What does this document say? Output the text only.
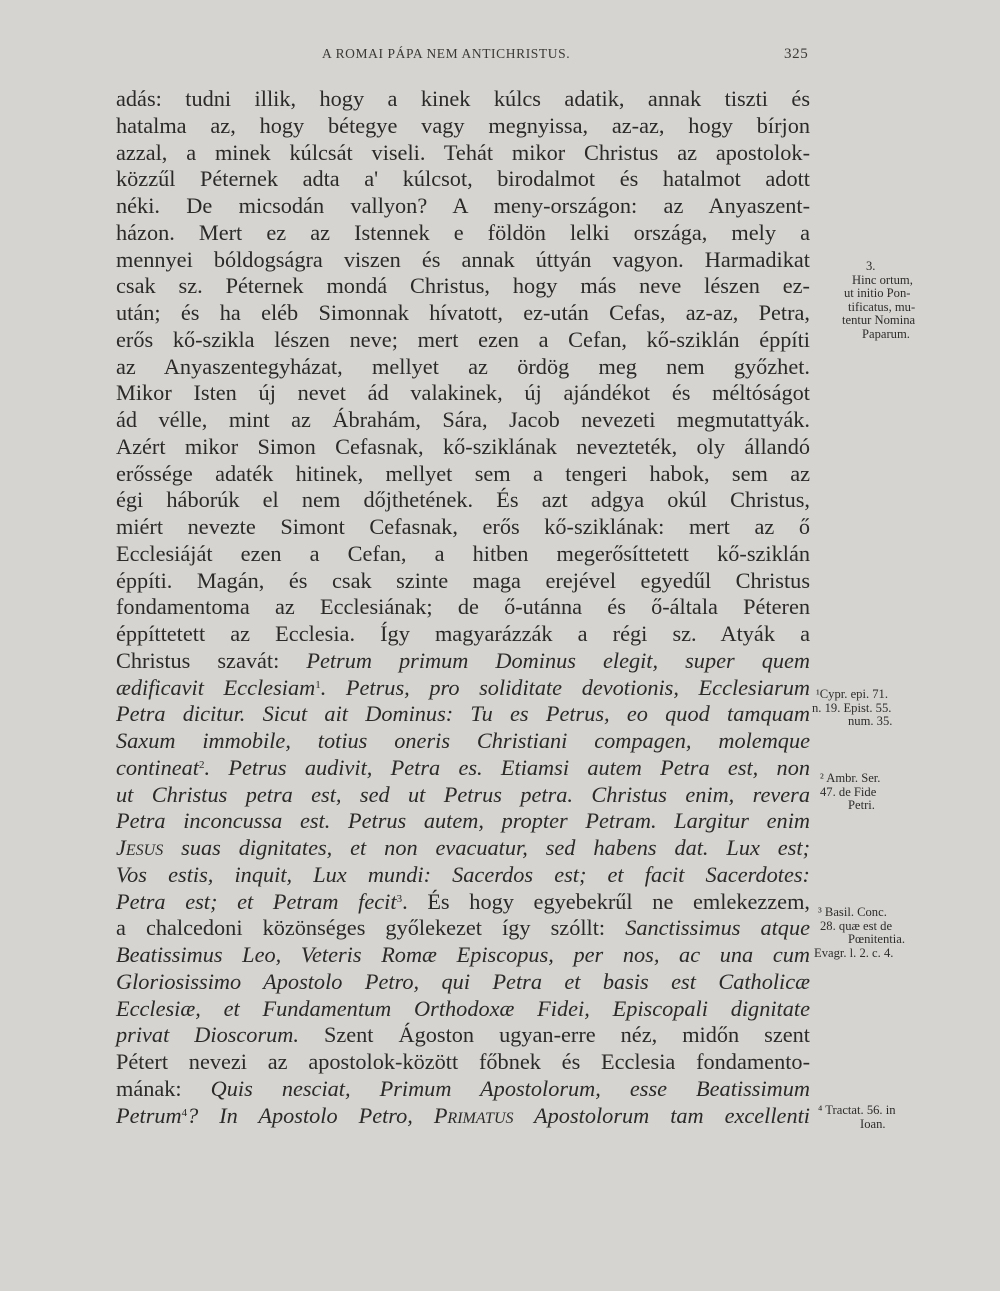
A ROMAI PÁPA NEM ANTICHRISTUS.	325
adás: tudni illik, hogy a kinek kúlcs adatik, annak tiszti és
hatalma az, hogy bétegye vagy megnyissa, az-az, hogy bírjon
azzal, a minek kúlcsát viseli. Tehát mikor Christus az apostolok-
közzűl Péternek adta a' kúlcsot, birodalmot és hatalmot adott
néki. De micsodán vallyon? A meny-országon: az Anyaszent-
házon. Mert ez az Istennek e földön lelki országa, mely a
mennyei bóldogságra viszen és annak úttyán vagyon. Harmadikat
csak sz. Péternek mondá Christus, hogy más neve lészen ez-
után; és ha eléb Simonnak hívatott, ez-után Cefas, az-az, Petra,
erős kő-szikla lészen neve; mert ezen a Cefan, kő-sziklán éppíti
az Anyaszentegyházat, mellyet az ördög meg nem győzhet.
Mikor Isten új nevet ád valakinek, új ajándékot és méltóságot
ád vélle, mint az Ábrahám, Sára, Jacob nevezeti megmutattyák.
Azért mikor Simon Cefasnak, kő-sziklának nevezteték, oly állandó
erőssége adaték hitinek, mellyet sem a tengeri habok, sem az
égi háborúk el nem dőjthetének. És azt adgya okúl Christus,
miért nevezte Simont Cefasnak, erős kő-sziklának: mert az ő
Ecclesiáját ezen a Cefan, a hitben megerősíttetett kő-sziklán
éppíti. Magán, és csak szinte maga erejével egyedűl Christus
fondamentoma az Ecclesiának; de ő-utánna és ő-általa Péteren
éppíttetett az Ecclesia. Így magyarázzák a régi sz. Atyák a
Christus szavát: Petrum primum Dominus elegit, super quem
ædificavit Ecclesiam$^1$. Petrus, pro soliditate devotionis, Ecclesiarum
Petra dicitur. Sicut ait Dominus: Tu es Petrus, eo quod tamquam
Saxum immobile, totius oneris Christiani compagen, molemque
contineat$^2$. Petrus audivit, Petra es. Etiamsi autem Petra est, non
ut Christus petra est, sed ut Petrus petra. Christus enim, revera
Petra inconcussa est. Petrus autem, propter Petram. Largitur enim
Jesus suas dignitates, et non evacuatur, sed habens dat. Lux est;
Vos estis, inquit, Lux mundi: Sacerdos est; et facit Sacerdotes:
Petra est; et Petram fecit$^3$. És hogy egyebekrűl ne emlekezzem,
a chalcedoni közönséges győlekezet így szóllt: Sanctissimus atque
Beatissimus Leo, Veteris Romæ Episcopus, per nos, ac una cum
Gloriosissimo Apostolo Petro, qui Petra et basis est Catholicæ
Ecclesiæ, et Fundamentum Orthodoxæ Fidei, Episcopali dignitate
privat Dioscorum. Szent Ágoston ugyan-erre néz, midőn szent
Pétert nevezi az apostolok-között főbnek és Ecclesia fondamento-
mának: Quis nesciat, Primum Apostolorum, esse Beatissimum
Petrum$^4$? In Apostolo Petro, Primatus Apostolorum tam excellenti
3.
Hinc ortum,
ut initio Pon-
tificatus, mu-
tentur Nomina
Paparum.
¹Cypr. epi. 71.
n. 19. Epist. 55.
num. 35.
² Ambr. Ser.
47. de Fide
Petri.
³ Basil. Conc.
28. quæ est de
Pœnitentia.
Evagr. l. 2. c. 4.
⁴ Tractat. 56. in
Ioan.
